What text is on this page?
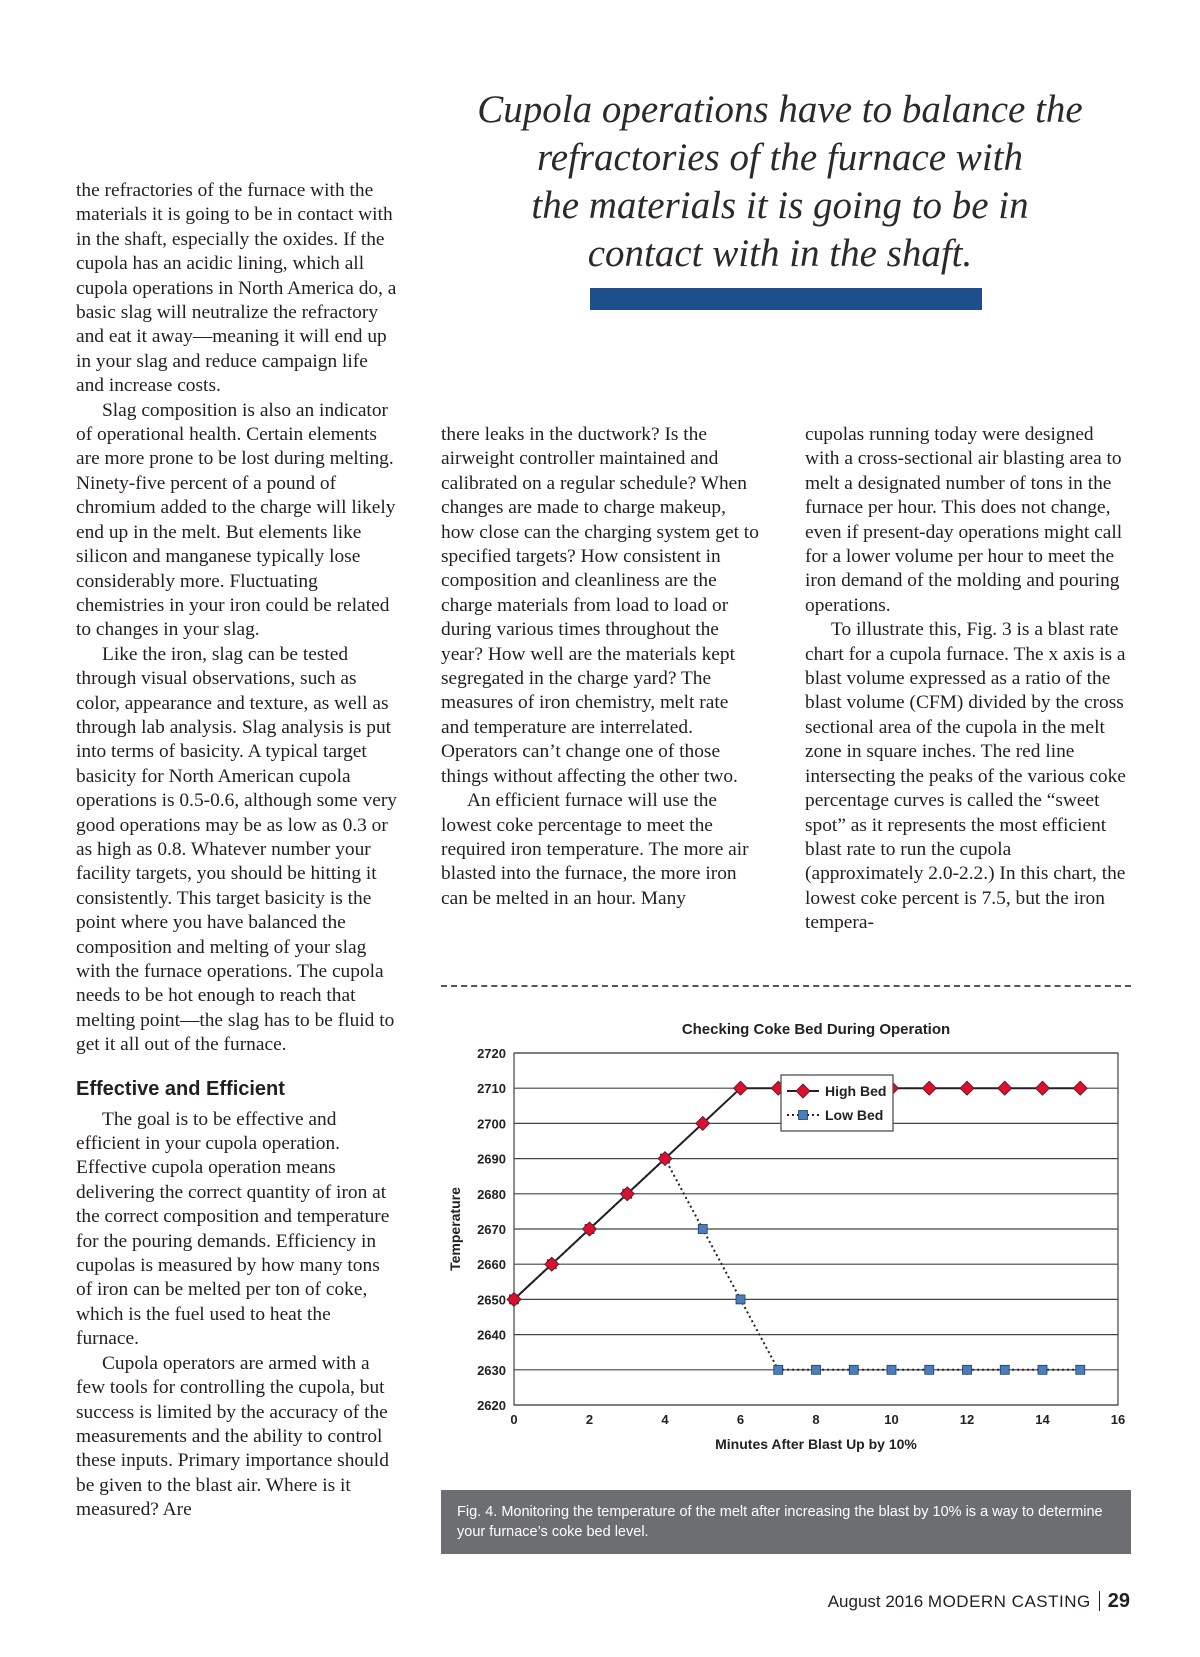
Cupola operations have to balance the
refractories of the furnace with
the materials it is going to be in
contact with in the shaft.

the refractories of the furnace with the materials it is going to be in contact with in the shaft, especially the oxides. If the cupola has an acidic lining, which all cupola operations in North America do, a basic slag will neutralize the refractory and eat it away—meaning it will end up in your slag and reduce campaign life and increase costs.

Slag composition is also an indicator of operational health. Certain elements are more prone to be lost during melting. Ninety-five percent of a pound of chromium added to the charge will likely end up in the melt. But elements like silicon and manganese typically lose considerably more. Fluctuating chemistries in your iron could be related to changes in your slag.

Like the iron, slag can be tested through visual observations, such as color, appearance and texture, as well as through lab analysis. Slag analysis is put into terms of basicity. A typical target basicity for North American cupola operations is 0.5-0.6, although some very good operations may be as low as 0.3 or as high as 0.8. Whatever number your facility targets, you should be hitting it consistently. This target basicity is the point where you have balanced the composition and melting of your slag with the furnace operations. The cupola needs to be hot enough to reach that melting point—the slag has to be fluid to get it all out of the furnace.

Effective and Efficient

The goal is to be effective and efficient in your cupola operation. Effective cupola operation means delivering the correct quantity of iron at the correct composition and temperature for the pouring demands. Efficiency in cupolas is measured by how many tons of iron can be melted per ton of coke, which is the fuel used to heat the furnace.

Cupola operators are armed with a few tools for controlling the cupola, but success is limited by the accuracy of the measurements and the ability to control these inputs. Primary importance should be given to the blast air. Where is it measured? Are

there leaks in the ductwork? Is the airweight controller maintained and calibrated on a regular schedule? When changes are made to charge makeup, how close can the charging system get to specified targets? How consistent in composition and cleanliness are the charge materials from load to load or during various times throughout the year? How well are the materials kept segregated in the charge yard? The measures of iron chemistry, melt rate and temperature are interrelated. Operators can’t change one of those things without affecting the other two.

An efficient furnace will use the lowest coke percentage to meet the required iron temperature. The more air blasted into the furnace, the more iron can be melted in an hour. Many

cupolas running today were designed with a cross-sectional air blasting area to melt a designated number of tons in the furnace per hour. This does not change, even if present-day operations might call for a lower volume per hour to meet the iron demand of the molding and pouring operations.

To illustrate this, Fig. 3 is a blast rate chart for a cupola furnace. The x axis is a blast volume expressed as a ratio of the blast volume (CFM) divided by the cross sectional area of the cupola in the melt zone in square inches. The red line intersecting the peaks of the various coke percentage curves is called the “sweet spot” as it represents the most efficient blast rate to run the cupola (approximately 2.0-2.2.) In this chart, the lowest coke percent is 7.5, but the iron tempera-

Checking Coke Bed During Operation
2620
2630
2640
2650
2660
2670
2680
2690
2700
2710
2720
0	2	4	6	8	10	12	14	16
Minutes After Blast Up by 10%
Temperature
High Bed
Low Bed
Fig. 4. Monitoring the temperature of the melt after increasing the blast by 10% is a way to determine your furnace’s coke bed level.
August 2016 MODERN CASTING 29
